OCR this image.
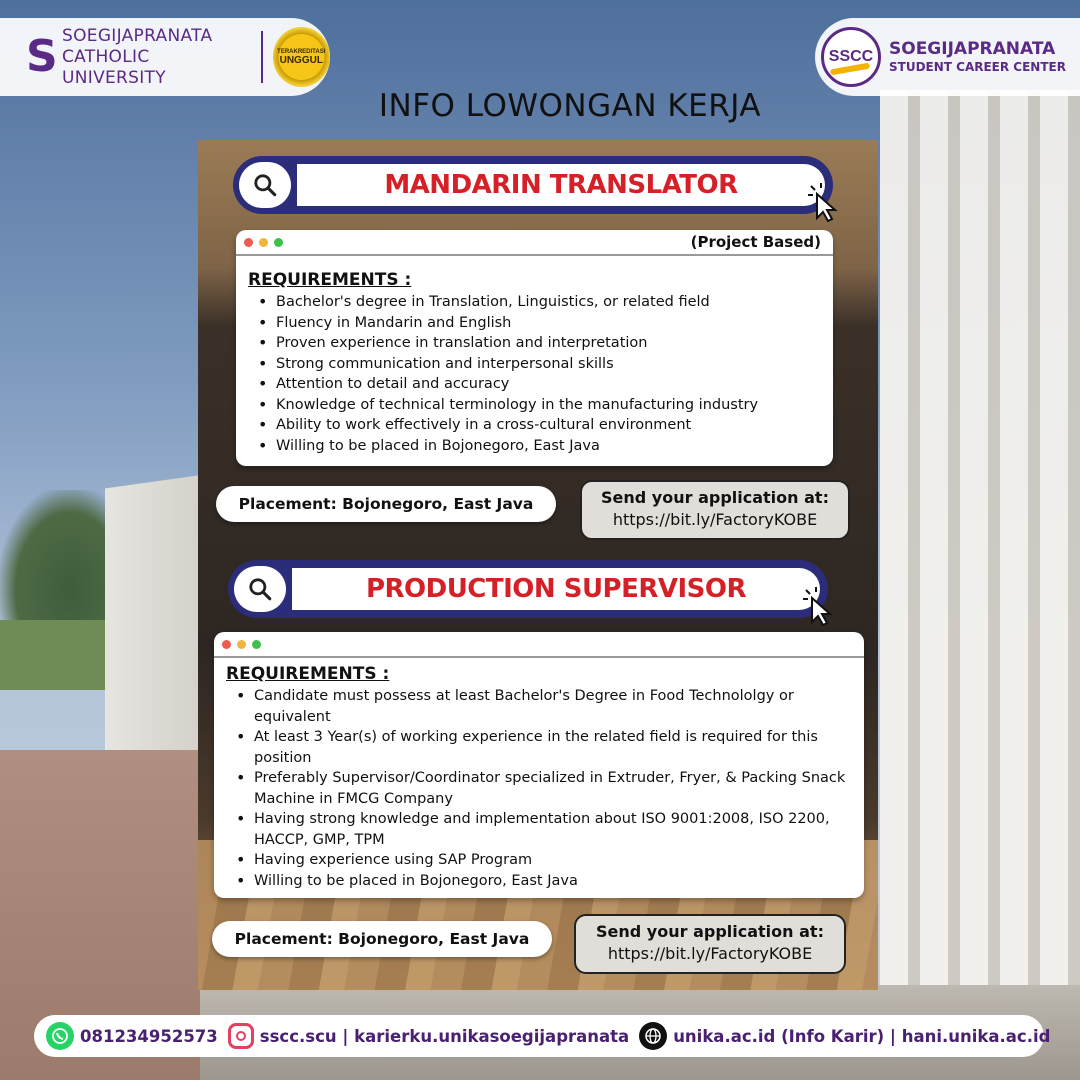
S SOEGIJAPRANATA
CATHOLIC UNIVERSITY
TERAKREDITASI
UNGGUL	SSCC SOEGIJAPRANATA
STUDENT CAREER CENTER
INFO LOWONGAN KERJA
MANDARIN TRANSLATOR
(Project Based)
REQUIREMENTS :
• Bachelor's degree in Translation, Linguistics, or related field
• Fluency in Mandarin and English
• Proven experience in translation and interpretation
• Strong communication and interpersonal skills
• Attention to detail and accuracy
• Knowledge of technical terminology in the manufacturing industry
• Ability to work effectively in a cross-cultural environment
• Willing to be placed in Bojonegoro, East Java
Placement: Bojonegoro, East Java	Send your application at:
https://bit.ly/FactoryKOBE
PRODUCTION SUPERVISOR
REQUIREMENTS :
• Candidate must possess at least Bachelor's Degree in Food Technololgy or equivalent
• At least 3 Year(s) of working experience in the related field is required for this position
• Preferably Supervisor/Coordinator specialized in Extruder, Fryer, & Packing Snack Machine in FMCG Company
• Having strong knowledge and implementation about ISO 9001:2008, ISO 2200, HACCP, GMP, TPM
• Having experience using SAP Program
• Willing to be placed in Bojonegoro, East Java
Placement: Bojonegoro, East Java	Send your application at:
https://bit.ly/FactoryKOBE
081234952573	sscc.scu | karierku.unikasoegijapranata	unika.ac.id (Info Karir) | hani.unika.ac.id
